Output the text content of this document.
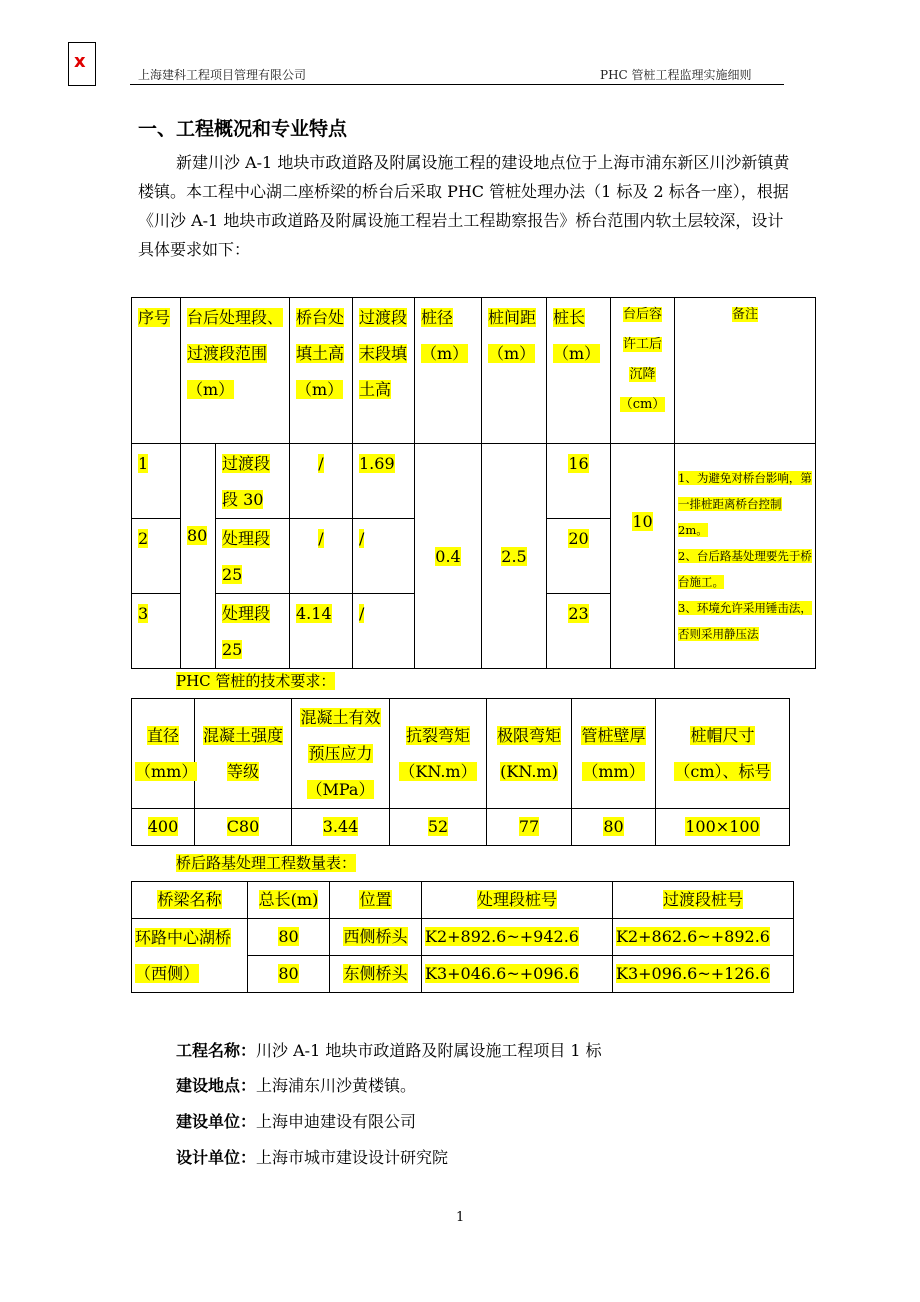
x
上海建科工程项目管理有限公司	PHC 管桩工程监理实施细则
一、工程概况和专业特点

新建川沙 A-1 地块市政道路及附属设施工程的建设地点位于上海市浦东新区川沙新镇黄楼镇。本工程中心湖二座桥梁的桥台后采取 PHC 管桩处理办法（1 标及 2 标各一座），根据《川沙 A-1 地块市政道路及附属设施工程岩土工程勘察报告》桥台范围内软土层较深，设计具体要求如下：

序号	台后处理段、过渡段范围（m）		桥台处填土高（m）	过渡段末段填土高	桩径（m）	桩间距（m）	桩长（m）	台后容许工后沉降（cm）	备注
1	80	过渡段段 30	/	1.69	0.4	2.5	16	10	1、为避免对桥台影响，第一排桩距离桥台控制 2m。
2、台后路基处理要先于桥台施工。
3、环境允许采用锤击法，否则采用静压法

2		处理段 25	/	/			20		
3		处理段 25	4.14	/			23		
PHC 管桩的技术要求：
直径（mm）	混凝土强度等级	混凝土有效预压应力（MPa）	抗裂弯矩（KN.m）	极限弯矩(KN.m)	管桩壁厚（mm）	桩帽尺寸（cm）、标号
400	C80	3.44	52	77	80	100×100
桥后路基处理工程数量表：
桥梁名称	总长(m)	位置	处理段桩号	过渡段桩号
环路中心湖桥（西侧）	80	西侧桥头	K2+892.6~+942.6	K2+862.6~+892.6
	80	东侧桥头	K3+046.6~+096.6	K3+096.6~+126.6
工程名称：川沙 A-1 地块市政道路及附属设施工程项目 1 标
建设地点：上海浦东川沙黄楼镇。
建设单位：上海申迪建设有限公司
设计单位：上海市城市建设设计研究院
1
